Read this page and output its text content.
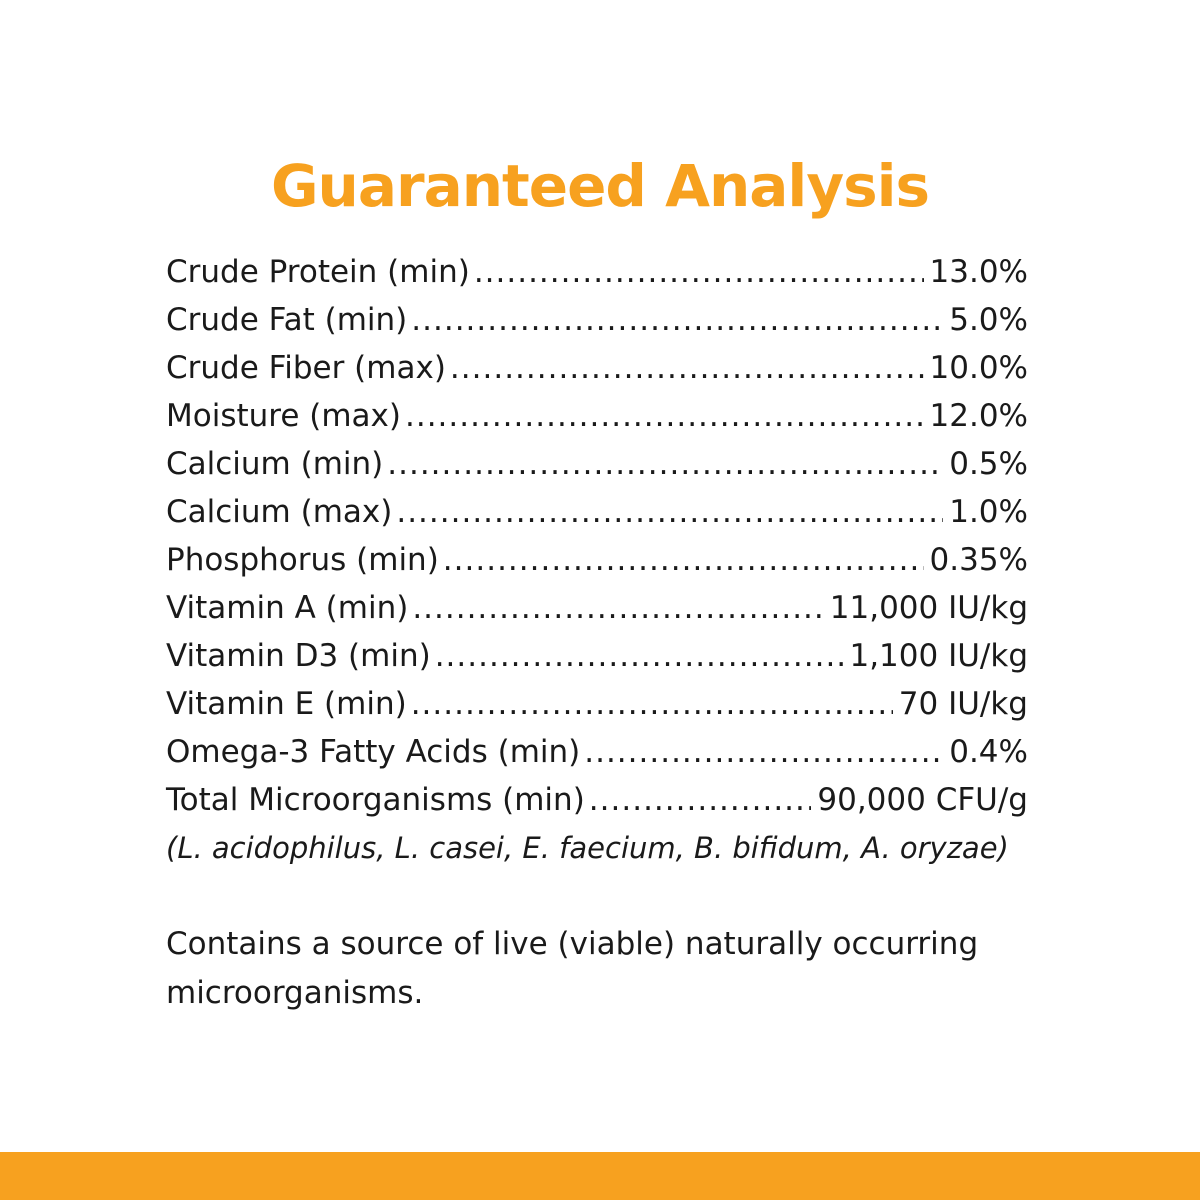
Guaranteed Analysis
Crude Protein (min) .....	13.0%
Crude Fat (min) .....	5.0%
Crude Fiber (max) .....	10.0%
Moisture (max) .....	12.0%
Calcium (min) .....	0.5%
Calcium (max) .....	1.0%
Phosphorus (min) .....	0.35%
Vitamin A (min) .....	11,000 IU/kg
Vitamin D3 (min) .....	1,100 IU/kg
Vitamin E (min) .....	70 IU/kg
Omega-3 Fatty Acids (min) .....	0.4%
Total Microorganisms (min) .....	90,000 CFU/g
(L. acidophilus, L. casei, E. faecium, B. bifidum, A. oryzae)
Contains a source of live (viable) naturally occurring microorganisms.
